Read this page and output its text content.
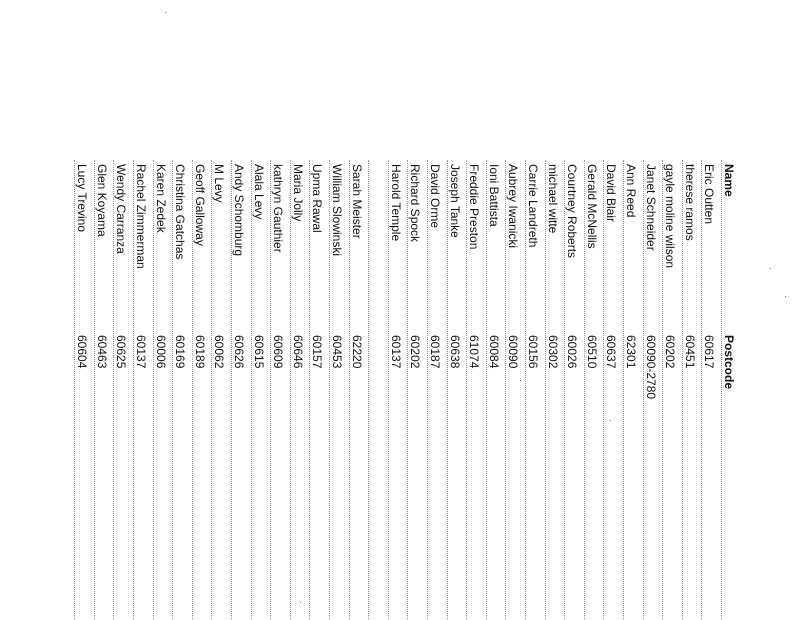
Name
Postcode
Eric Outten
60617
therese ramos
60451
gayle moline wilson
60202
Janet Schneider
60090-2780
Ann Reed
62301
David Blair
60637
Gerald McNellis
60510
Courtney Roberts
60026
michael witte
60302
Carrie Landreth
60156
Aubrey Iwanicki
60090
Ioni Battista
60084
Freddie Preston
61074
Joseph Tanke
60638
David Orme
60187
Richard Spock
60202
Harold Temple
60137
Sarah Meister
62220
William Slowinski
60453
Upma Rawal
60157
Maria Jolly
60646
kathryn Gauthier
60609
Alala Levy
60615
Andy Schomburg
60626
M Levy
60062
Geoff Galloway
60189
Christina Gatchas
60169
Karen Zedek
60006
Rachel Zimmerman
60137
Wendy Carranza
60625
Glen Koyama
60463
Lucy Trevino
60604
